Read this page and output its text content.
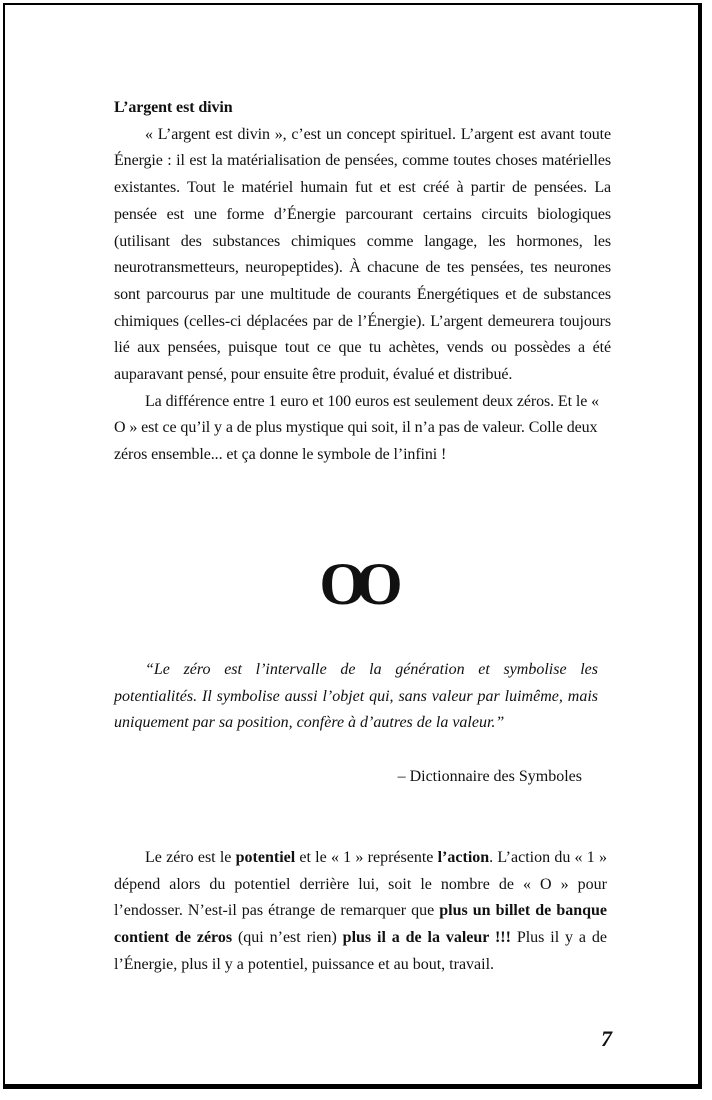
L’argent est divin

« L’argent est divin », c’est un concept spirituel. L’argent est avant toute Énergie : il est la matérialisation de pensées, comme toutes choses matérielles existantes. Tout le matériel humain fut et est créé à partir de pensées. La pensée est une forme d’Énergie parcourant certains circuits biologiques (utilisant des substances chimiques comme langage, les hormones, les neurotransmetteurs, neuropeptides). À chacune de tes pensées, tes neurones sont parcourus par une multitude de courants Énergétiques et de substances chimiques (celles-ci déplacées par de l’Énergie). L’argent demeurera toujours lié aux pensées, puisque tout ce que tu achètes, vends ou possèdes a été auparavant pensé, pour ensuite être produit, évalué et distribué.

La différence entre 1 euro et 100 euros est seulement deux zéros. Et le « O » est ce qu’il y a de plus mystique qui soit, il n’a pas de valeur. Colle deux zéros ensemble... et ça donne le symbole de l’infini !

OO

“Le zéro est l’intervalle de la génération et symbolise les potentialités. Il symbolise aussi l’objet qui, sans valeur par luimême, mais uniquement par sa position, confère à d’autres de la valeur.”

– Dictionnaire des Symboles

Le zéro est le potentiel et le « 1 » représente l’action. L’action du « 1 » dépend alors du potentiel derrière lui, soit le nombre de « O » pour l’endosser. N’est-il pas étrange de remarquer que plus un billet de banque contient de zéros (qui n’est rien) plus il a de la valeur !!! Plus il y a de l’Énergie, plus il y a potentiel, puissance et au bout, travail.

7
